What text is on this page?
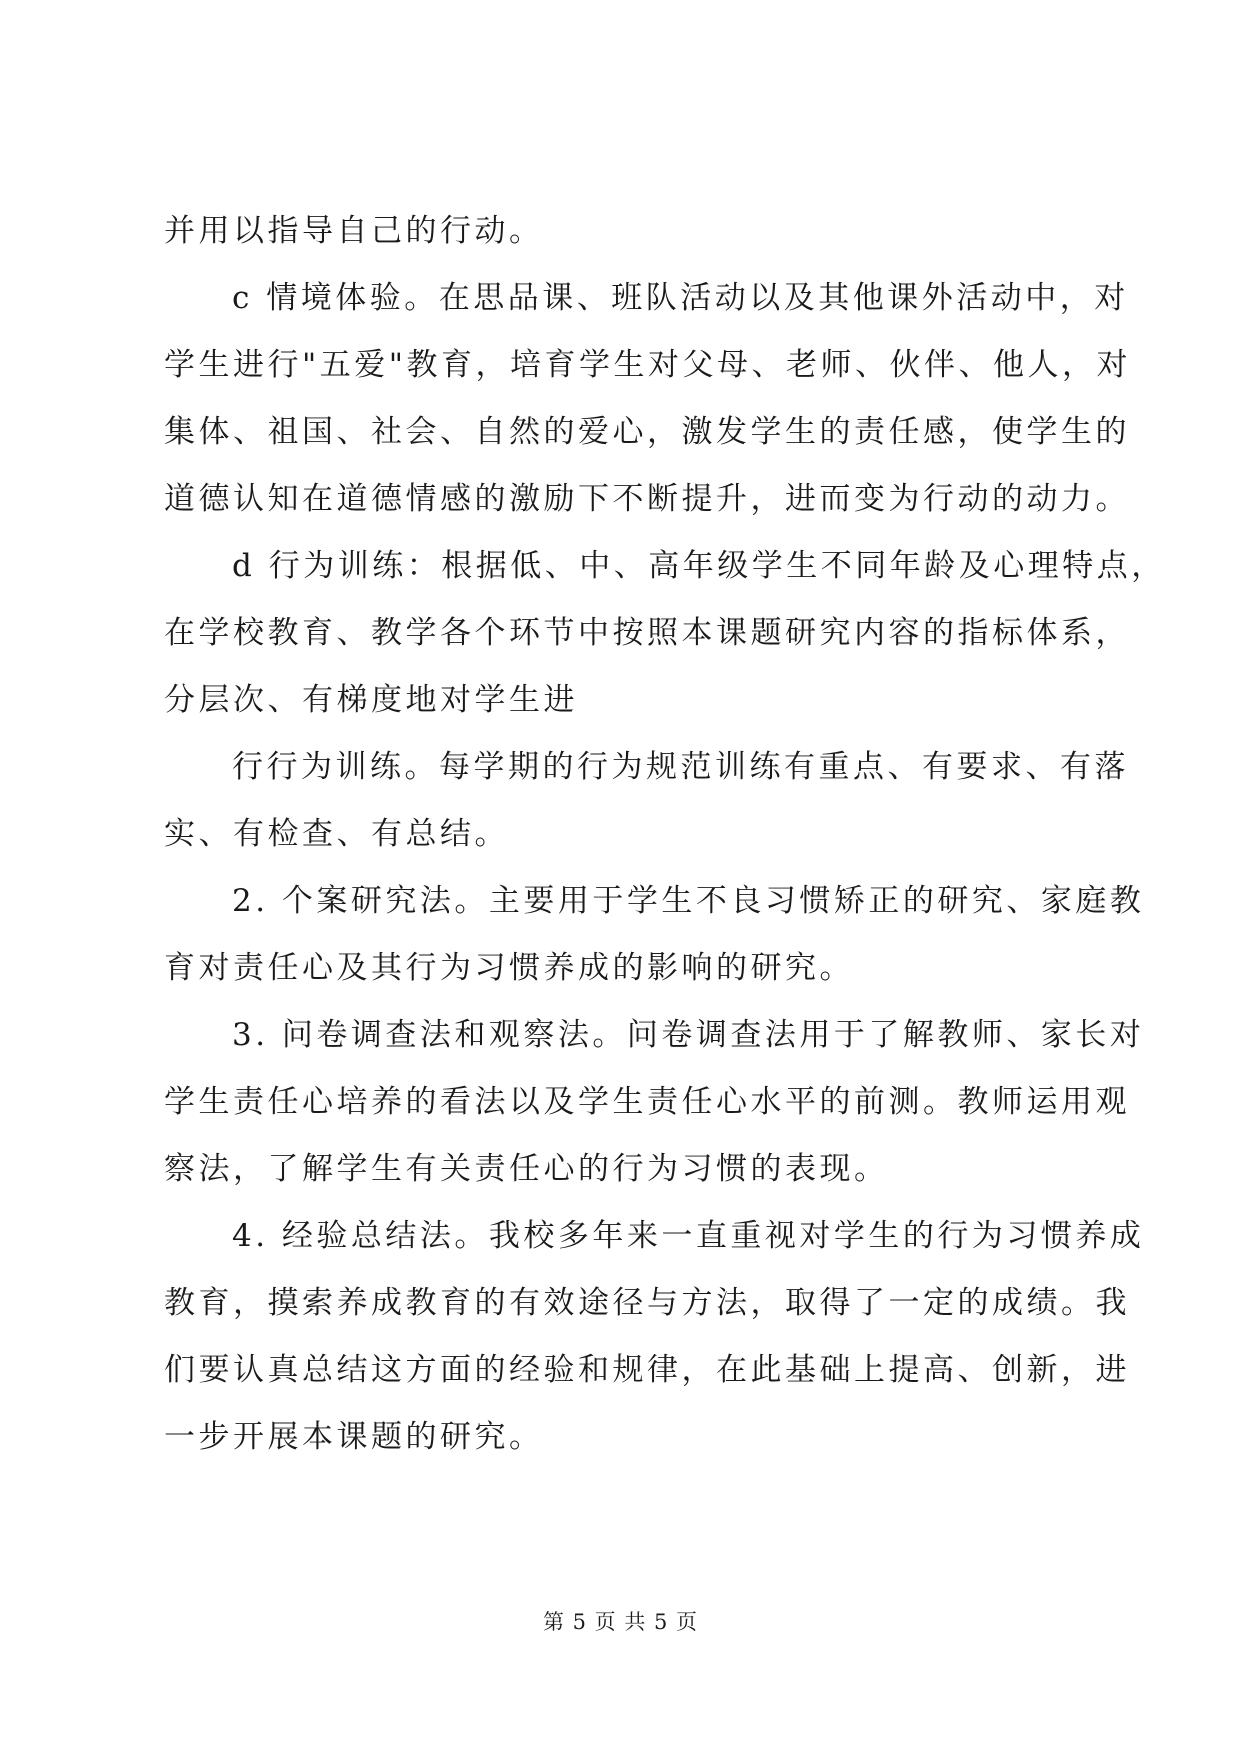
并用以指导自己的行动。
c 情境体验。在思品课、班队活动以及其他课外活动中，对
学生进行"五爱"教育，培育学生对父母、老师、伙伴、他人，对
集体、祖国、社会、自然的爱心，激发学生的责任感，使学生的
道德认知在道德情感的激励下不断提升，进而变为行动的动力。
d 行为训练：根据低、中、高年级学生不同年龄及心理特点，
在学校教育、教学各个环节中按照本课题研究内容的指标体系，
分层次、有梯度地对学生进
行行为训练。每学期的行为规范训练有重点、有要求、有落
实、有检查、有总结。
2. 个案研究法。主要用于学生不良习惯矫正的研究、家庭教
育对责任心及其行为习惯养成的影响的研究。
3. 问卷调查法和观察法。问卷调查法用于了解教师、家长对
学生责任心培养的看法以及学生责任心水平的前测。教师运用观
察法，了解学生有关责任心的行为习惯的表现。
4. 经验总结法。我校多年来一直重视对学生的行为习惯养成
教育，摸索养成教育的有效途径与方法，取得了一定的成绩。我
们要认真总结这方面的经验和规律，在此基础上提高、创新，进
一步开展本课题的研究。
第 5 页 共 5 页
